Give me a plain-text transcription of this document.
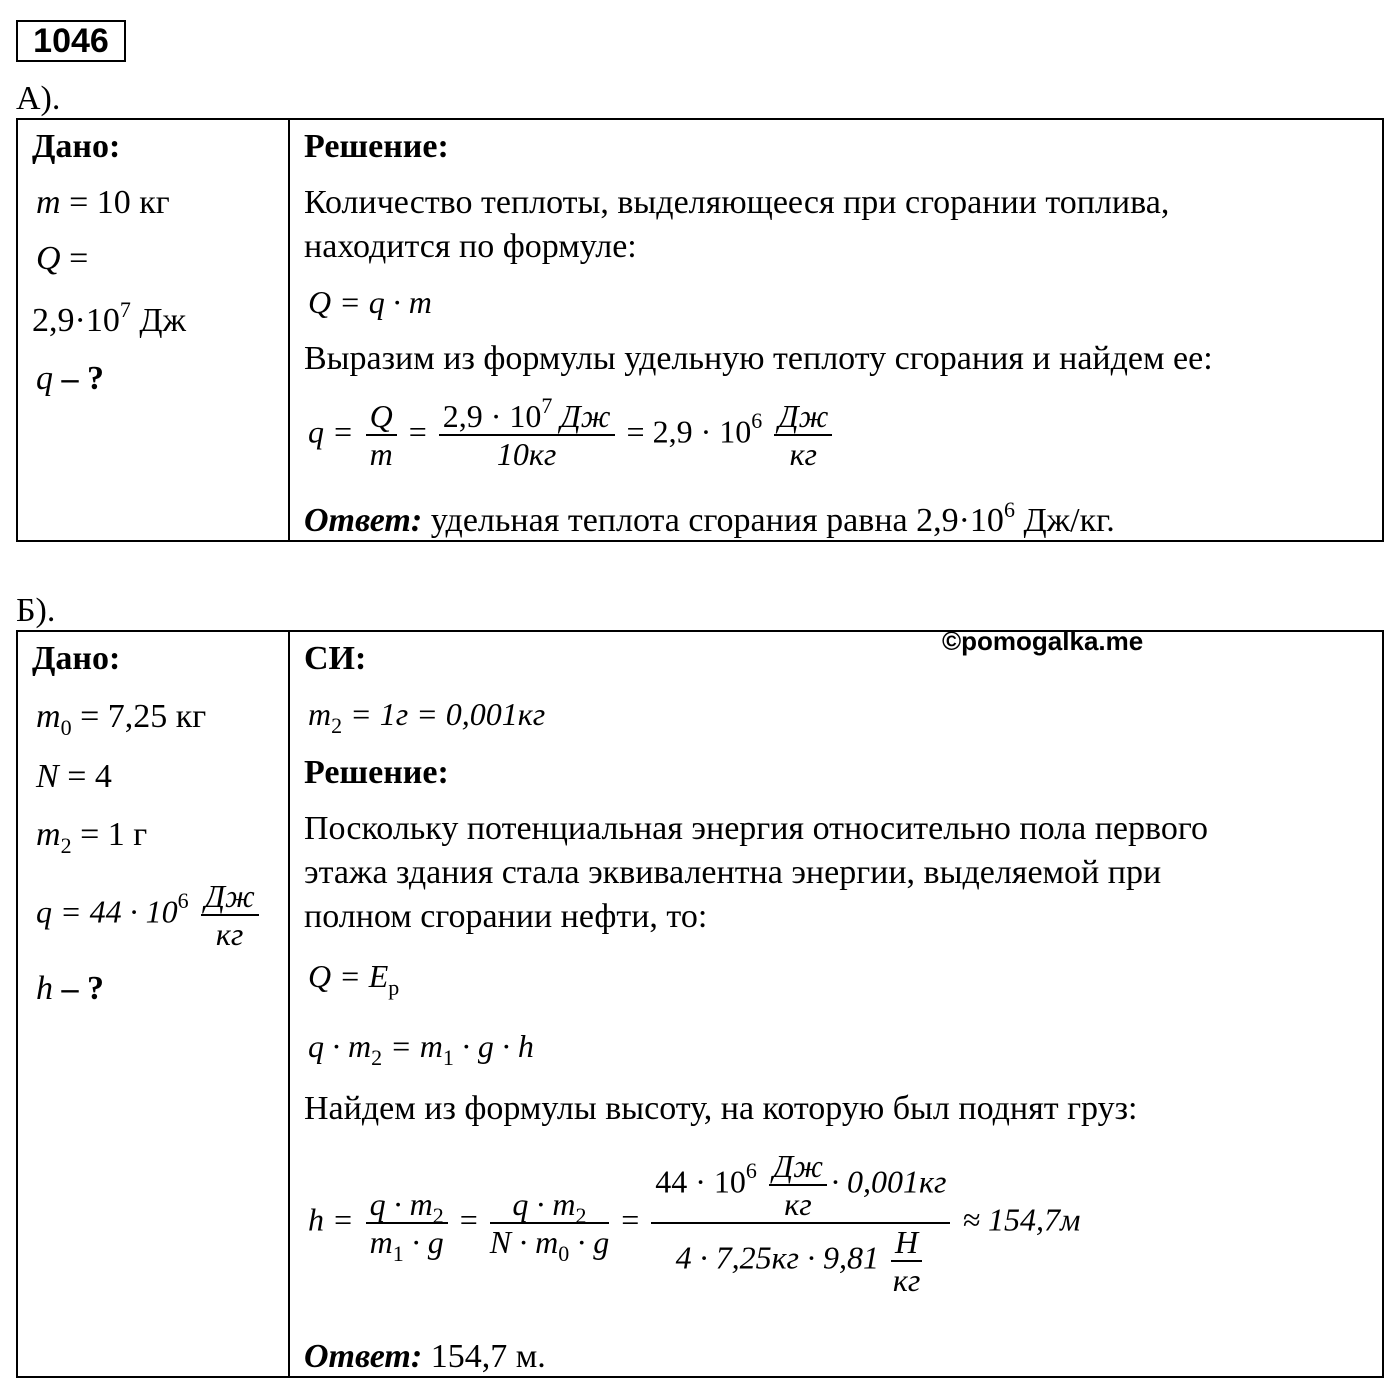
1046
А).
Дано:
m = 10 кг
Q =
$2,9\cdot 10^7$ Дж
q – ?

Решение:
Количество теплоты, выделяющееся при сгорании топлива,
находится по формуле:
Q = q · m
Выразим из формулы удельную теплоту сгорания и найдем ее:
$q = \frac{Q}{m} = \frac{2,9 \cdot 10^7 Дж}{10кг} = 2,9 \cdot 10^6 \frac{Дж}{кг}$
Ответ: удельная теплота сгорания равна $2,9\cdot 10^6$ Дж/кг.
Б).
Дано:
$m_0 = 7,25$ кг
N = 4
$m_2 = 1$ г
$q = 44 \cdot 10^6 \frac{Дж}{кг}$
h – ?

СИ:	©pomogalka.me
$m_2 = 1г = 0,001кг$
Решение:
Поскольку потенциальная энергия относительно пола первого
этажа здания стала эквивалентна энергии, выделяемой при
полном сгорании нефти, то:
$Q = E_p$
$q \cdot m_2 = m_1 \cdot g \cdot h$
Найдем из формулы высоту, на которую был поднят груз:
$h = \frac{q \cdot m_2}{m_1 \cdot g} = \frac{q \cdot m_2}{N \cdot m_0 \cdot g} = \frac{44 \cdot 10^6 \frac{Дж}{кг} \cdot 0,001кг}{4 \cdot 7,25кг \cdot 9,81 \frac{Н}{кг}} \approx 154,7м$
Ответ: 154,7 м.
